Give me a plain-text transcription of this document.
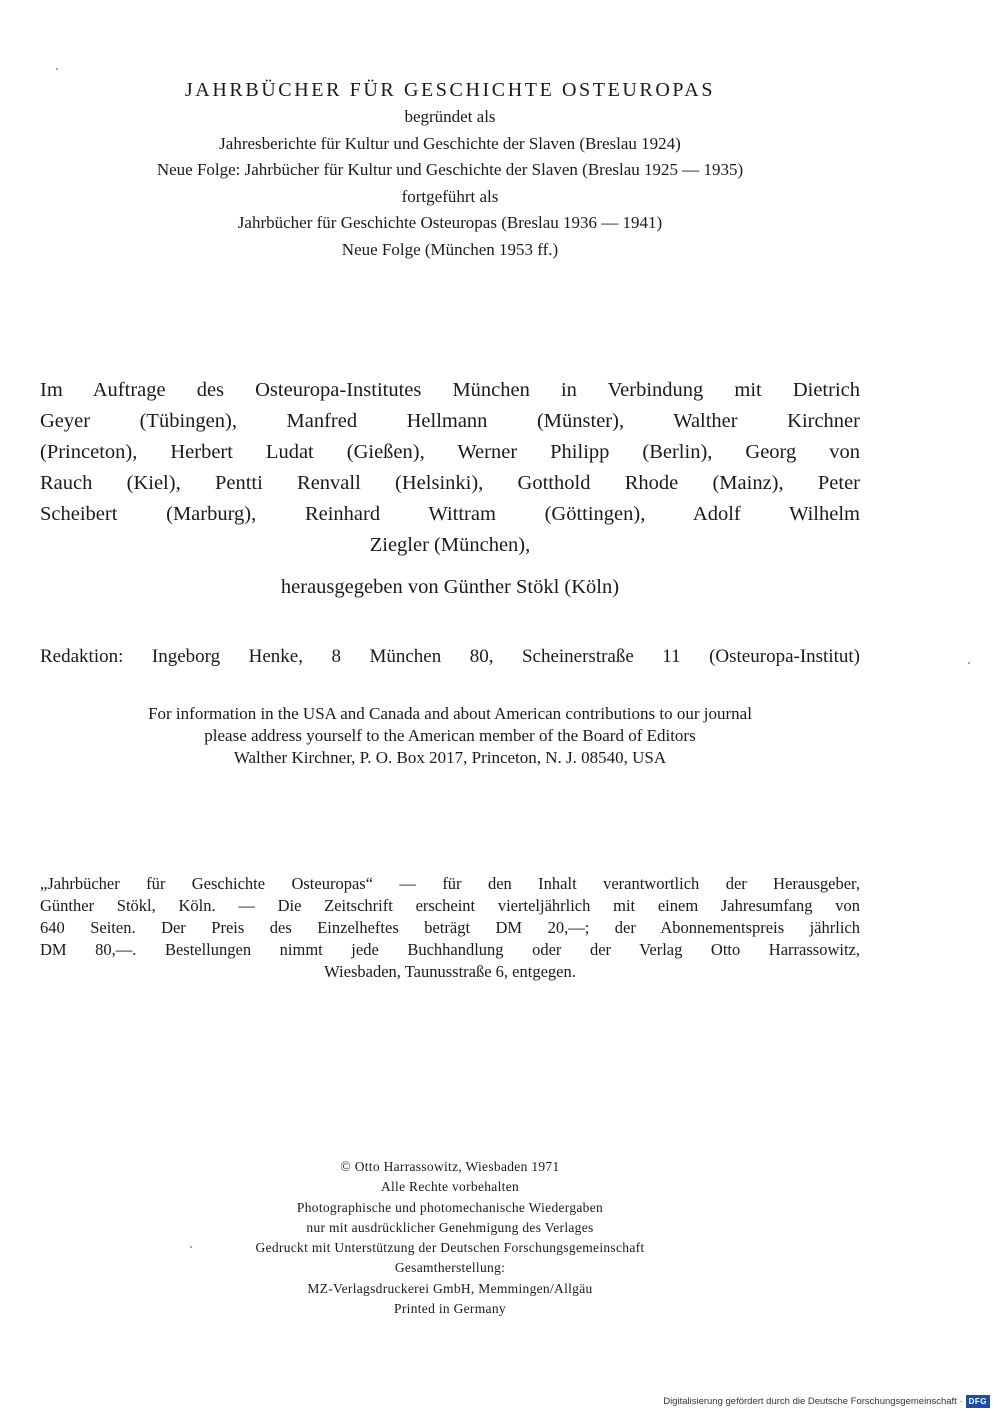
JAHRBÜCHER FÜR GESCHICHTE OSTEUROPAS
begründet als
Jahresberichte für Kultur und Geschichte der Slaven (Breslau 1924)
Neue Folge: Jahrbücher für Kultur und Geschichte der Slaven (Breslau 1925 — 1935)
fortgeführt als
Jahrbücher für Geschichte Osteuropas (Breslau 1936 — 1941)
Neue Folge (München 1953 ff.)
Im Auftrage des Osteuropa-Institutes München in Verbindung mit Dietrich
Geyer (Tübingen), Manfred Hellmann (Münster), Walther Kirchner
(Princeton), Herbert Ludat (Gießen), Werner Philipp (Berlin), Georg von
Rauch (Kiel), Pentti Renvall (Helsinki), Gotthold Rhode (Mainz), Peter
Scheibert (Marburg), Reinhard Wittram (Göttingen), Adolf Wilhelm
Ziegler (München),
herausgegeben von Günther Stökl (Köln)
Redaktion: Ingeborg Henke, 8 München 80, Scheinerstraße 11 (Osteuropa-Institut)
For information in the USA and Canada and about American contributions to our journal
please address yourself to the American member of the Board of Editors
Walther Kirchner, P. O. Box 2017, Princeton, N. J. 08540, USA
„Jahrbücher für Geschichte Osteuropas“ — für den Inhalt verantwortlich der Herausgeber,
Günther Stökl, Köln. — Die Zeitschrift erscheint vierteljährlich mit einem Jahresumfang von
640 Seiten. Der Preis des Einzelheftes beträgt DM 20,—; der Abonnementspreis jährlich
DM 80,—. Bestellungen nimmt jede Buchhandlung oder der Verlag Otto Harrassowitz,
Wiesbaden, Taunusstraße 6, entgegen.
© Otto Harrassowitz, Wiesbaden 1971
Alle Rechte vorbehalten
Photographische und photomechanische Wiedergaben
nur mit ausdrücklicher Genehmigung des Verlages
Gedruckt mit Unterstützung der Deutschen Forschungsgemeinschaft
Gesamtherstellung:
MZ-Verlagsdruckerei GmbH, Memmingen/Allgäu
Printed in Germany
Digitalisierung gefördert durch die Deutsche Forschungsgemeinschaft · DFG
